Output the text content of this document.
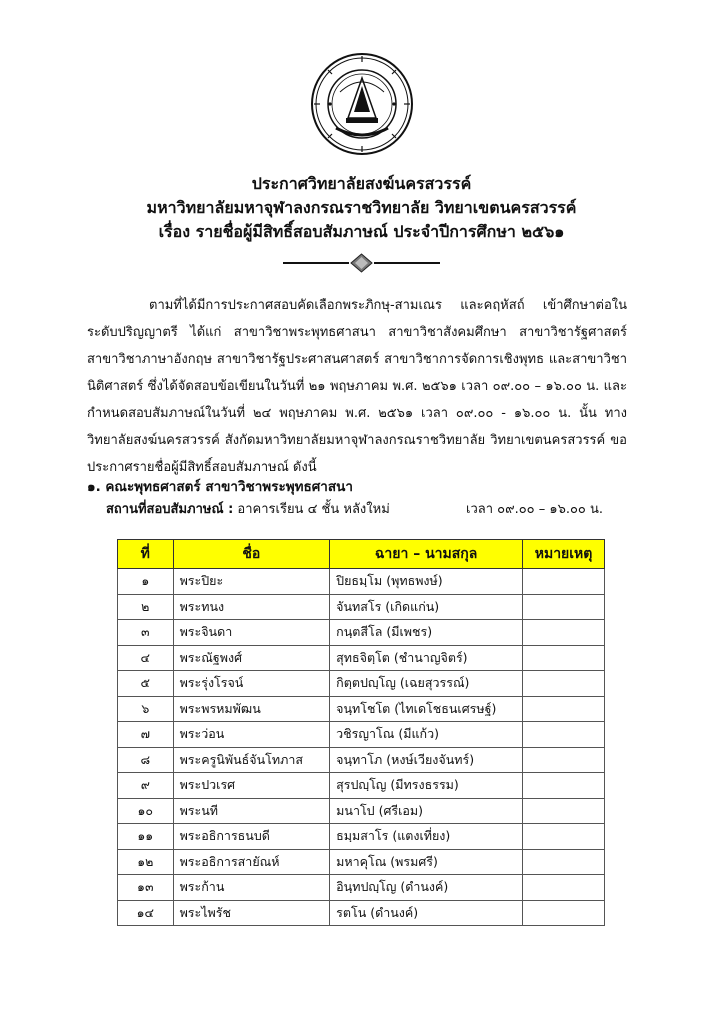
ประกาศวิทยาลัยสงฆ์นครสวรรค์
มหาวิทยาลัยมหาจุฬาลงกรณราชวิทยาลัย วิทยาเขตนครสวรรค์
เรื่อง รายชื่อผู้มีสิทธิ์สอบสัมภาษณ์ ประจำปีการศึกษา ๒๕๖๑

ตามที่ได้มีการประกาศสอบคัดเลือกพระภิกษุ-สามเณร และคฤหัสถ์ เข้าศึกษาต่อในระดับปริญญาตรี ได้แก่ สาขาวิชาพระพุทธศาสนา สาขาวิชาสังคมศึกษา สาขาวิชารัฐศาสตร์ สาขาวิชาภาษาอังกฤษ สาขาวิชารัฐประศาสนศาสตร์ สาขาวิชาการจัดการเชิงพุทธ และสาขาวิชานิติศาสตร์ ซึ่งได้จัดสอบข้อเขียนในวันที่ ๒๑ พฤษภาคม พ.ศ. ๒๕๖๑ เวลา ๐๙.๐๐ – ๑๖.๐๐ น. และกำหนดสอบสัมภาษณ์ในวันที่ ๒๔ พฤษภาคม พ.ศ. ๒๕๖๑ เวลา ๐๙.๐๐ - ๑๖.๐๐ น. นั้น ทางวิทยาลัยสงฆ์นครสวรรค์ สังกัดมหาวิทยาลัยมหาจุฬาลงกรณราชวิทยาลัย วิทยาเขตนครสวรรค์ ขอประกาศรายชื่อผู้มีสิทธิ์สอบสัมภาษณ์ ดังนี้

๑. คณะพุทธศาสตร์ สาขาวิชาพระพุทธศาสนา
สถานที่สอบสัมภาษณ์ : อาคารเรียน ๔ ชั้น หลังใหม่	เวลา ๐๙.๐๐ – ๑๖.๐๐ น.
ที่	ชื่อ	ฉายา – นามสกุล	หมายเหตุ
๑	พระปิยะ	ปิยธมฺโม (พุทธพงษ์)	
๒	พระทนง	จันทสโร (เกิดแก่น)	
๓	พระจินดา	กนฺตสีโล (มีเพชร)	
๔	พระณัฐพงศ์	สุทธจิตฺโต (ชำนาญจิตร์)	
๕	พระรุ่งโรจน์	กิตฺตปญฺโญ (เฉยสุวรรณ์)	
๖	พระพรหมพัฒน	จนฺทโชโต (ไทเดโชธนเศรษฐ์)	
๗	พระว่อน	วชิรญาโณ (มีแก้ว)	
๘	พระครูนิพันธ์จันโทภาส	จนฺทาโภ (หงษ์เวียงจันทร์)	
๙	พระปวเรศ	สุรปญฺโญ (มีทรงธรรม)	
๑๐	พระนที	มนาโป (ศรีเอม)	
๑๑	พระอธิการธนบดี	ธมฺมสาโร (แตงเที่ยง)	
๑๒	พระอธิการสายัณห์	มหาคุโณ (พรมศรี)	
๑๓	พระก้าน	อินฺทปญฺโญ (ดำนงค์)	
๑๔	พระไพรัช	รตโน (ดำนงค์)	
